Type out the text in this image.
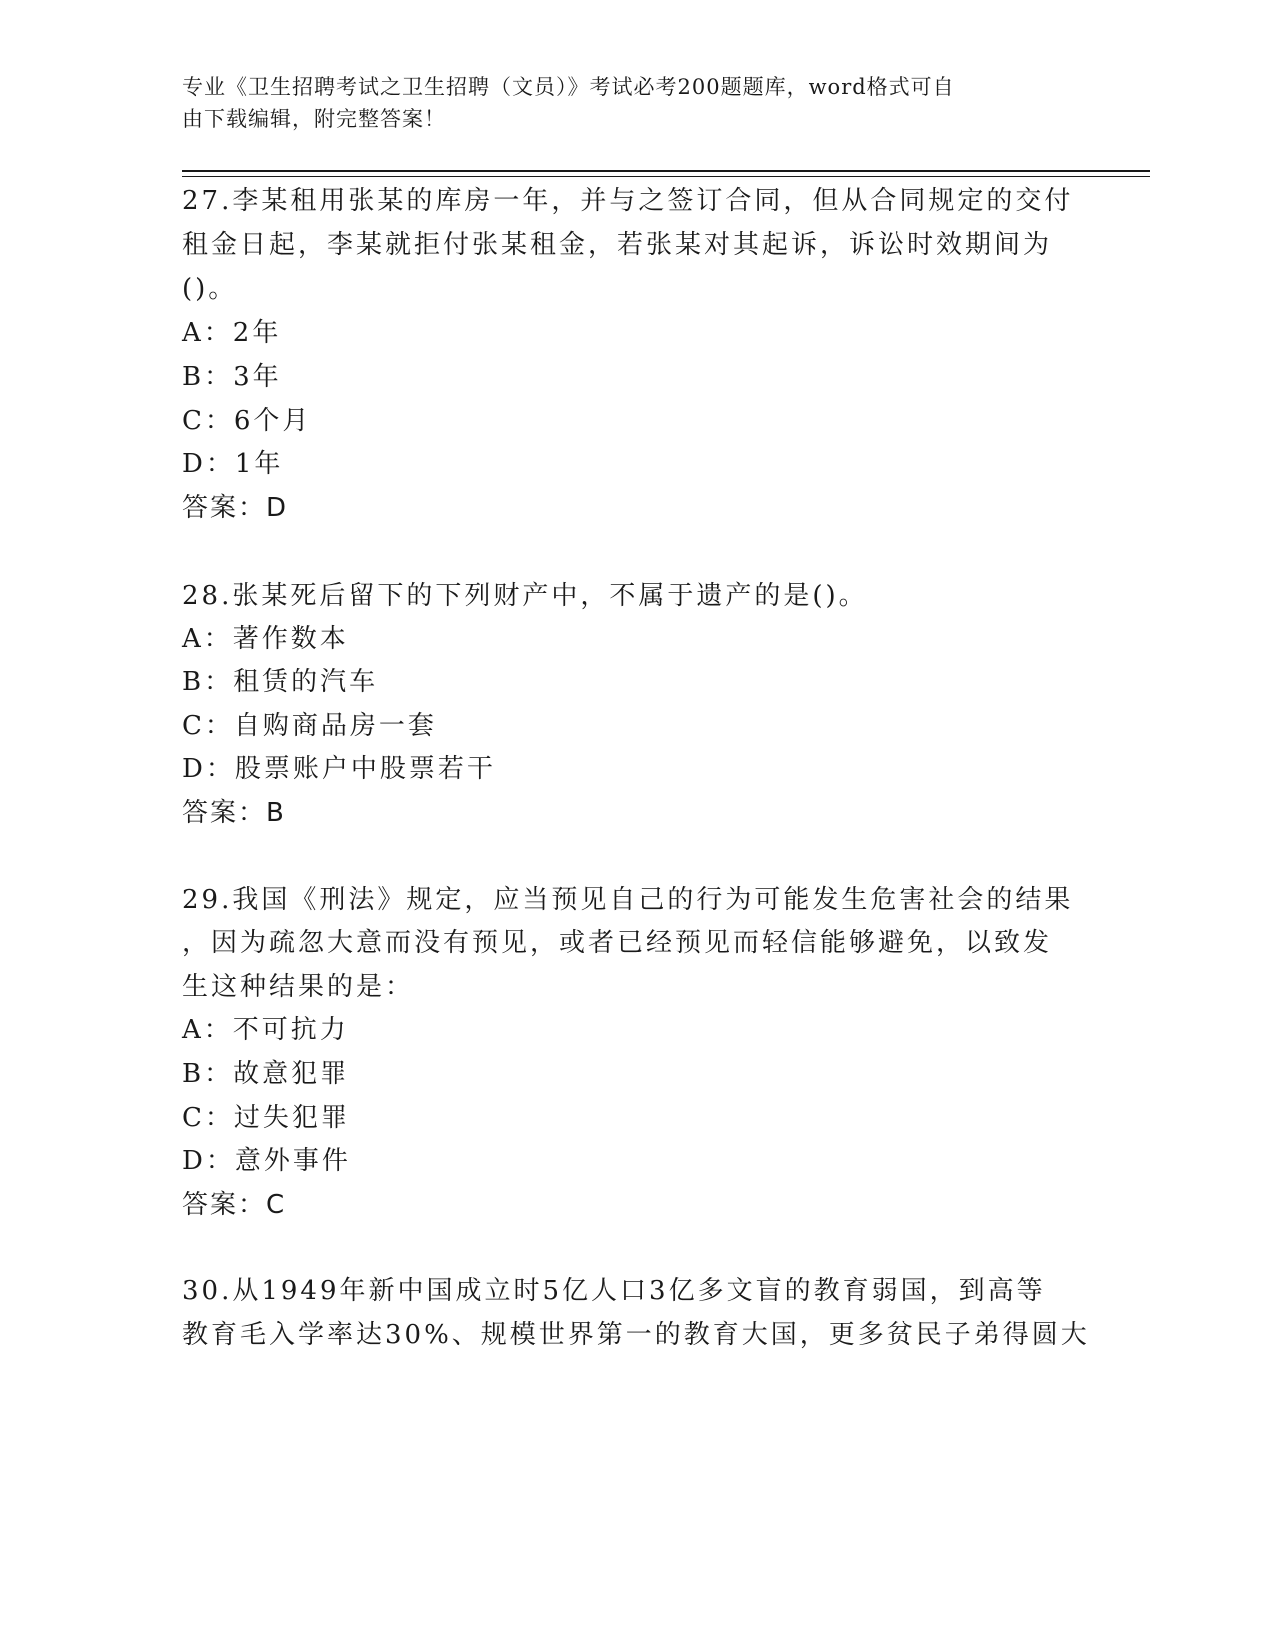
专业《卫生招聘考试之卫生招聘（文员）》考试必考200题题库，word格式可自
由下载编辑，附完整答案！
27.李某租用张某的库房一年，并与之签订合同，但从合同规定的交付
租金日起，李某就拒付张某租金，若张某对其起诉，诉讼时效期间为
()。
A：2年
B：3年
C：6个月
D：1年
答案：D
28.张某死后留下的下列财产中，不属于遗产的是()。
A：著作数本
B：租赁的汽车
C：自购商品房一套
D：股票账户中股票若干
答案：B
29.我国《刑法》规定，应当预见自己的行为可能发生危害社会的结果
，因为疏忽大意而没有预见，或者已经预见而轻信能够避免，以致发
生这种结果的是：
A：不可抗力
B：故意犯罪
C：过失犯罪
D：意外事件
答案：C
30.从1949年新中国成立时5亿人口3亿多文盲的教育弱国，到高等
教育毛入学率达30%、规模世界第一的教育大国，更多贫民子弟得圆大
